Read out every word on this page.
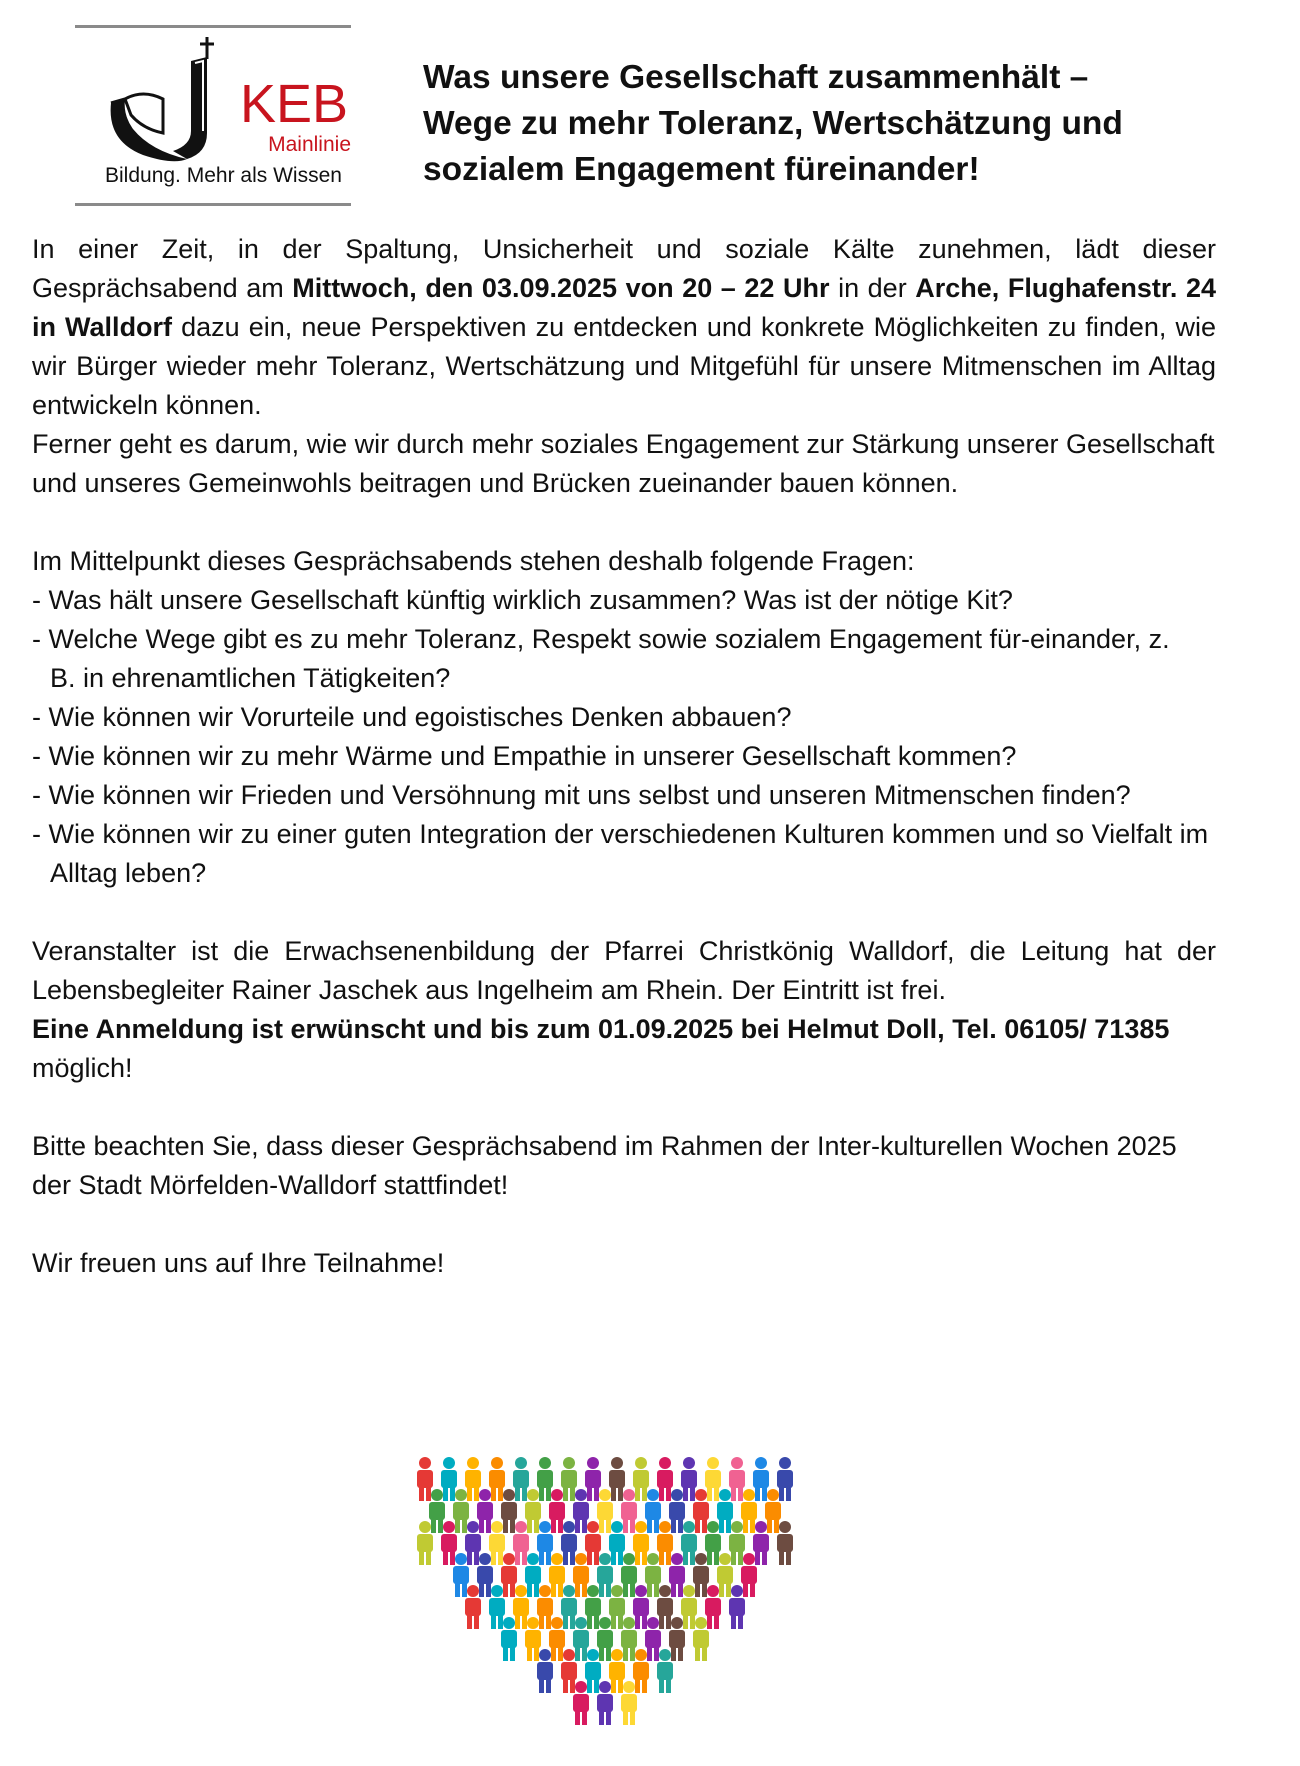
KEB
Mainlinie
Bildung. Mehr als Wissen
Was unsere Gesellschaft zusammenhält –
Wege zu mehr Toleranz, Wertschätzung und
sozialem Engagement füreinander!

In einer Zeit, in der Spaltung, Unsicherheit und soziale Kälte zunehmen, lädt dieser Gesprächsabend am Mittwoch, den 03.09.2025 von 20 – 22 Uhr in der Arche, Flughafenstr. 24 in Walldorf dazu ein, neue Perspektiven zu entdecken und konkrete Möglichkeiten zu finden, wie wir Bürger wieder mehr Toleranz, Wertschätzung und Mitgefühl für unsere Mitmenschen im Alltag entwickeln können.

Ferner geht es darum, wie wir durch mehr soziales Engagement zur Stärkung unserer Gesellschaft und unseres Gemeinwohls beitragen und Brücken zueinander bauen können.

Im Mittelpunkt dieses Gesprächsabends stehen deshalb folgende Fragen:

- Was hält unsere Gesellschaft künftig wirklich zusammen? Was ist der nötige Kit?

- Welche Wege gibt es zu mehr Toleranz, Respekt sowie sozialem Engagement für-einander, z. B. in ehrenamtlichen Tätigkeiten?

- Wie können wir Vorurteile und egoistisches Denken abbauen?

- Wie können wir zu mehr Wärme und Empathie in unserer Gesellschaft kommen?

- Wie können wir Frieden und Versöhnung mit uns selbst und unseren Mitmenschen finden?

- Wie können wir zu einer guten Integration der verschiedenen Kulturen kommen und so Vielfalt im Alltag leben?

Veranstalter ist die Erwachsenenbildung der Pfarrei Christkönig Walldorf, die Leitung hat der Lebensbegleiter Rainer Jaschek aus Ingelheim am Rhein. Der Eintritt ist frei.

Eine Anmeldung ist erwünscht und bis zum 01.09.2025 bei Helmut Doll, Tel. 06105/ 71385 möglich!

Bitte beachten Sie, dass dieser Gesprächsabend im Rahmen der Inter-kulturellen Wochen 2025 der Stadt Mörfelden-Walldorf stattfindet!

Wir freuen uns auf Ihre Teilnahme!
